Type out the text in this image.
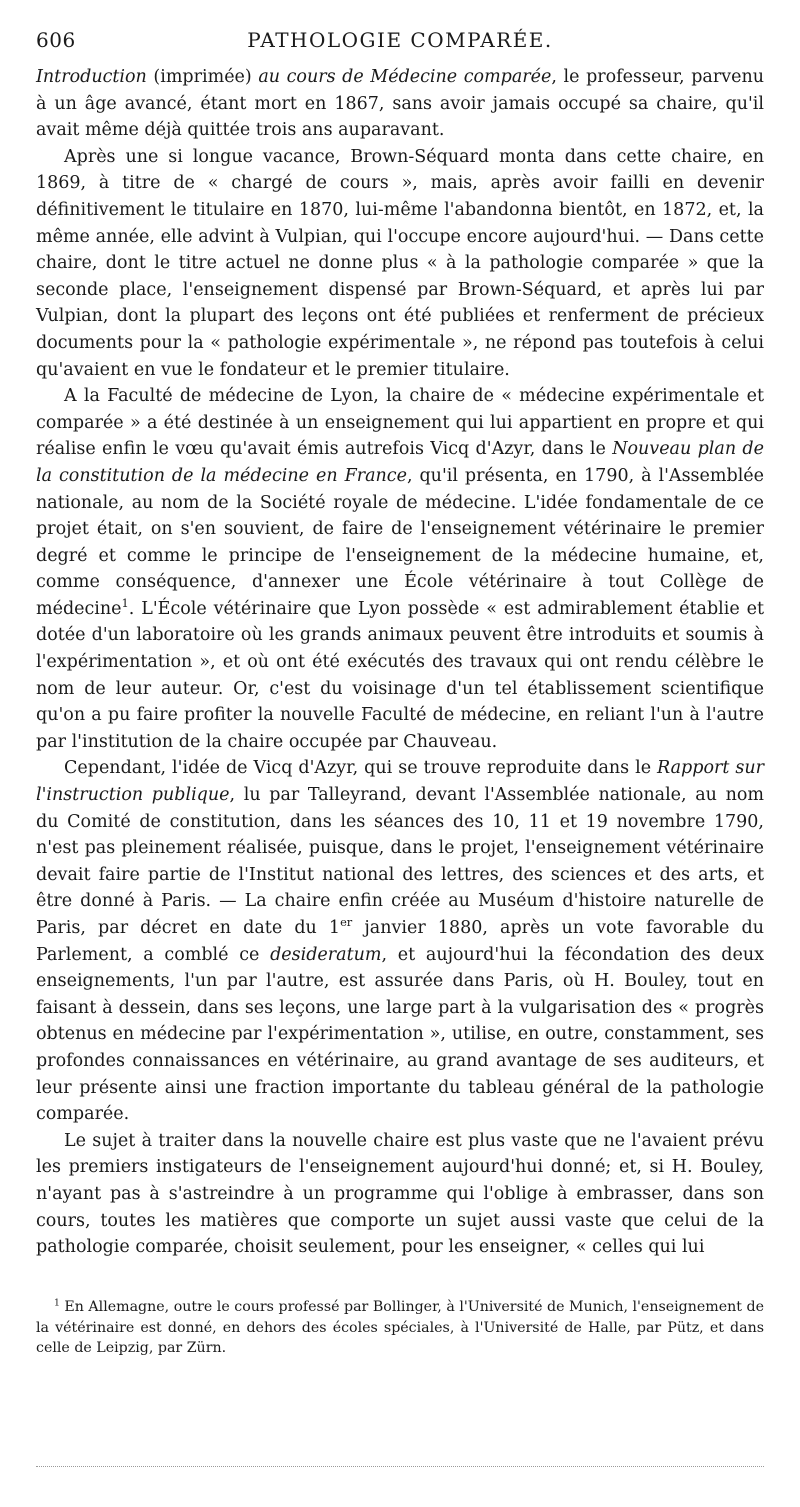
606	PATHOLOGIE COMPARÉE.

Introduction (imprimée) au cours de Médecine comparée, le professeur, parvenu à un âge avancé, étant mort en 1867, sans avoir jamais occupé sa chaire, qu'il avait même déjà quittée trois ans auparavant.

Après une si longue vacance, Brown-Séquard monta dans cette chaire, en 1869, à titre de « chargé de cours », mais, après avoir failli en devenir définitivement le titulaire en 1870, lui-même l'abandonna bientôt, en 1872, et, la même année, elle advint à Vulpian, qui l'occupe encore aujourd'hui. — Dans cette chaire, dont le titre actuel ne donne plus « à la pathologie comparée » que la seconde place, l'enseignement dispensé par Brown-Séquard, et après lui par Vulpian, dont la plupart des leçons ont été publiées et renferment de précieux documents pour la « pathologie expérimentale », ne répond pas toutefois à celui qu'avaient en vue le fondateur et le premier titulaire.

A la Faculté de médecine de Lyon, la chaire de « médecine expérimentale et comparée » a été destinée à un enseignement qui lui appartient en propre et qui réalise enfin le vœu qu'avait émis autrefois Vicq d'Azyr, dans le Nouveau plan de la constitution de la médecine en France, qu'il présenta, en 1790, à l'Assemblée nationale, au nom de la Société royale de médecine. L'idée fondamentale de ce projet était, on s'en souvient, de faire de l'enseignement vétérinaire le premier degré et comme le principe de l'enseignement de la médecine humaine, et, comme conséquence, d'annexer une École vétérinaire à tout Collège de médecine$^1$. L'École vétérinaire que Lyon possède « est admirablement établie et dotée d'un laboratoire où les grands animaux peuvent être introduits et soumis à l'expérimentation », et où ont été exécutés des travaux qui ont rendu célèbre le nom de leur auteur. Or, c'est du voisinage d'un tel établissement scientifique qu'on a pu faire profiter la nouvelle Faculté de médecine, en reliant l'un à l'autre par l'institution de la chaire occupée par Chauveau.

Cependant, l'idée de Vicq d'Azyr, qui se trouve reproduite dans le Rapport sur l'instruction publique, lu par Talleyrand, devant l'Assemblée nationale, au nom du Comité de constitution, dans les séances des 10, 11 et 19 novembre 1790, n'est pas pleinement réalisée, puisque, dans le projet, l'enseignement vétérinaire devait faire partie de l'Institut national des lettres, des sciences et des arts, et être donné à Paris. — La chaire enfin créée au Muséum d'histoire naturelle de Paris, par décret en date du 1er janvier 1880, après un vote favorable du Parlement, a comblé ce desideratum, et aujourd'hui la fécondation des deux enseignements, l'un par l'autre, est assurée dans Paris, où H. Bouley, tout en faisant à dessein, dans ses leçons, une large part à la vulgarisation des « progrès obtenus en médecine par l'expérimentation », utilise, en outre, constamment, ses profondes connaissances en vétérinaire, au grand avantage de ses auditeurs, et leur présente ainsi une fraction importante du tableau général de la pathologie comparée.

Le sujet à traiter dans la nouvelle chaire est plus vaste que ne l'avaient prévu les premiers instigateurs de l'enseignement aujourd'hui donné; et, si H. Bouley, n'ayant pas à s'astreindre à un programme qui l'oblige à embrasser, dans son cours, toutes les matières que comporte un sujet aussi vaste que celui de la pathologie comparée, choisit seulement, pour les enseigner, « celles qui lui

$^1$ En Allemagne, outre le cours professé par Bollinger, à l'Université de Munich, l'enseignement de la vétérinaire est donné, en dehors des écoles spéciales, à l'Université de Halle, par Pütz, et dans celle de Leipzig, par Zürn.
